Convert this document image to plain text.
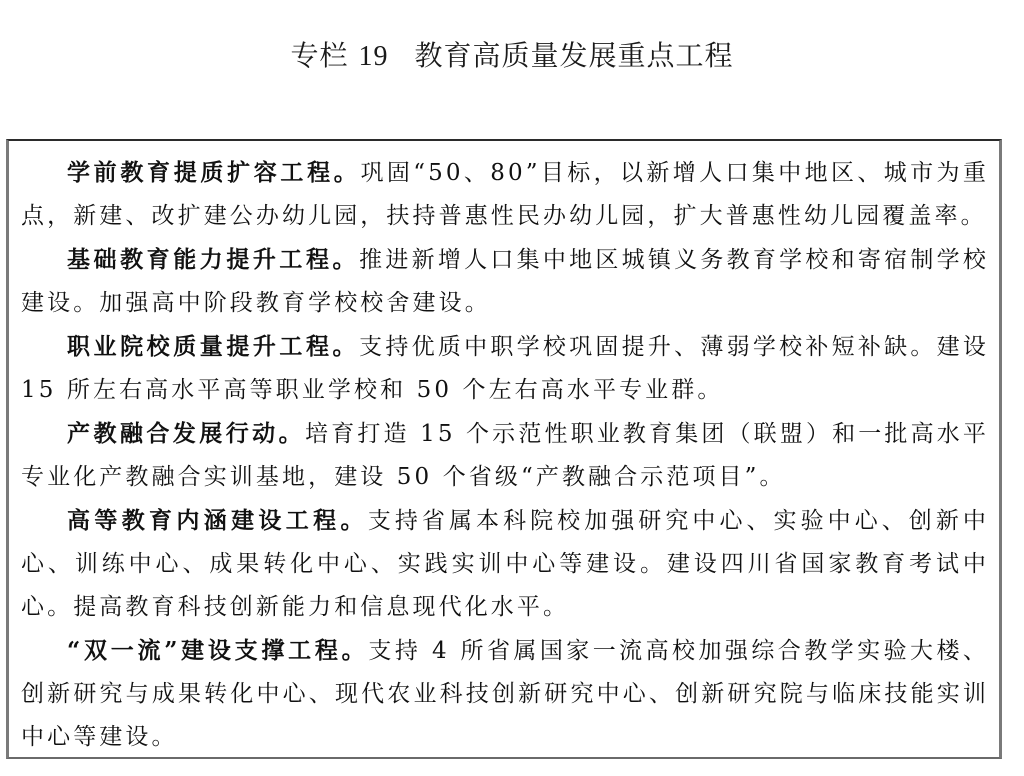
专栏 19 教育高质量发展重点工程

学前教育提质扩容工程。巩固“50、80”目标，以新增人口集中地区、城市为重点，新建、改扩建公办幼儿园，扶持普惠性民办幼儿园，扩大普惠性幼儿园覆盖率。

基础教育能力提升工程。推进新增人口集中地区城镇义务教育学校和寄宿制学校建设。加强高中阶段教育学校校舍建设。

职业院校质量提升工程。支持优质中职学校巩固提升、薄弱学校补短补缺。建设15 所左右高水平高等职业学校和 50 个左右高水平专业群。

产教融合发展行动。培育打造 15 个示范性职业教育集团（联盟）和一批高水平专业化产教融合实训基地，建设 50 个省级“产教融合示范项目”。

高等教育内涵建设工程。支持省属本科院校加强研究中心、实验中心、创新中心、训练中心、成果转化中心、实践实训中心等建设。建设四川省国家教育考试中心。提高教育科技创新能力和信息现代化水平。

“双一流”建设支撑工程。支持 4 所省属国家一流高校加强综合教学实验大楼、创新研究与成果转化中心、现代农业科技创新研究中心、创新研究院与临床技能实训中心等建设。
